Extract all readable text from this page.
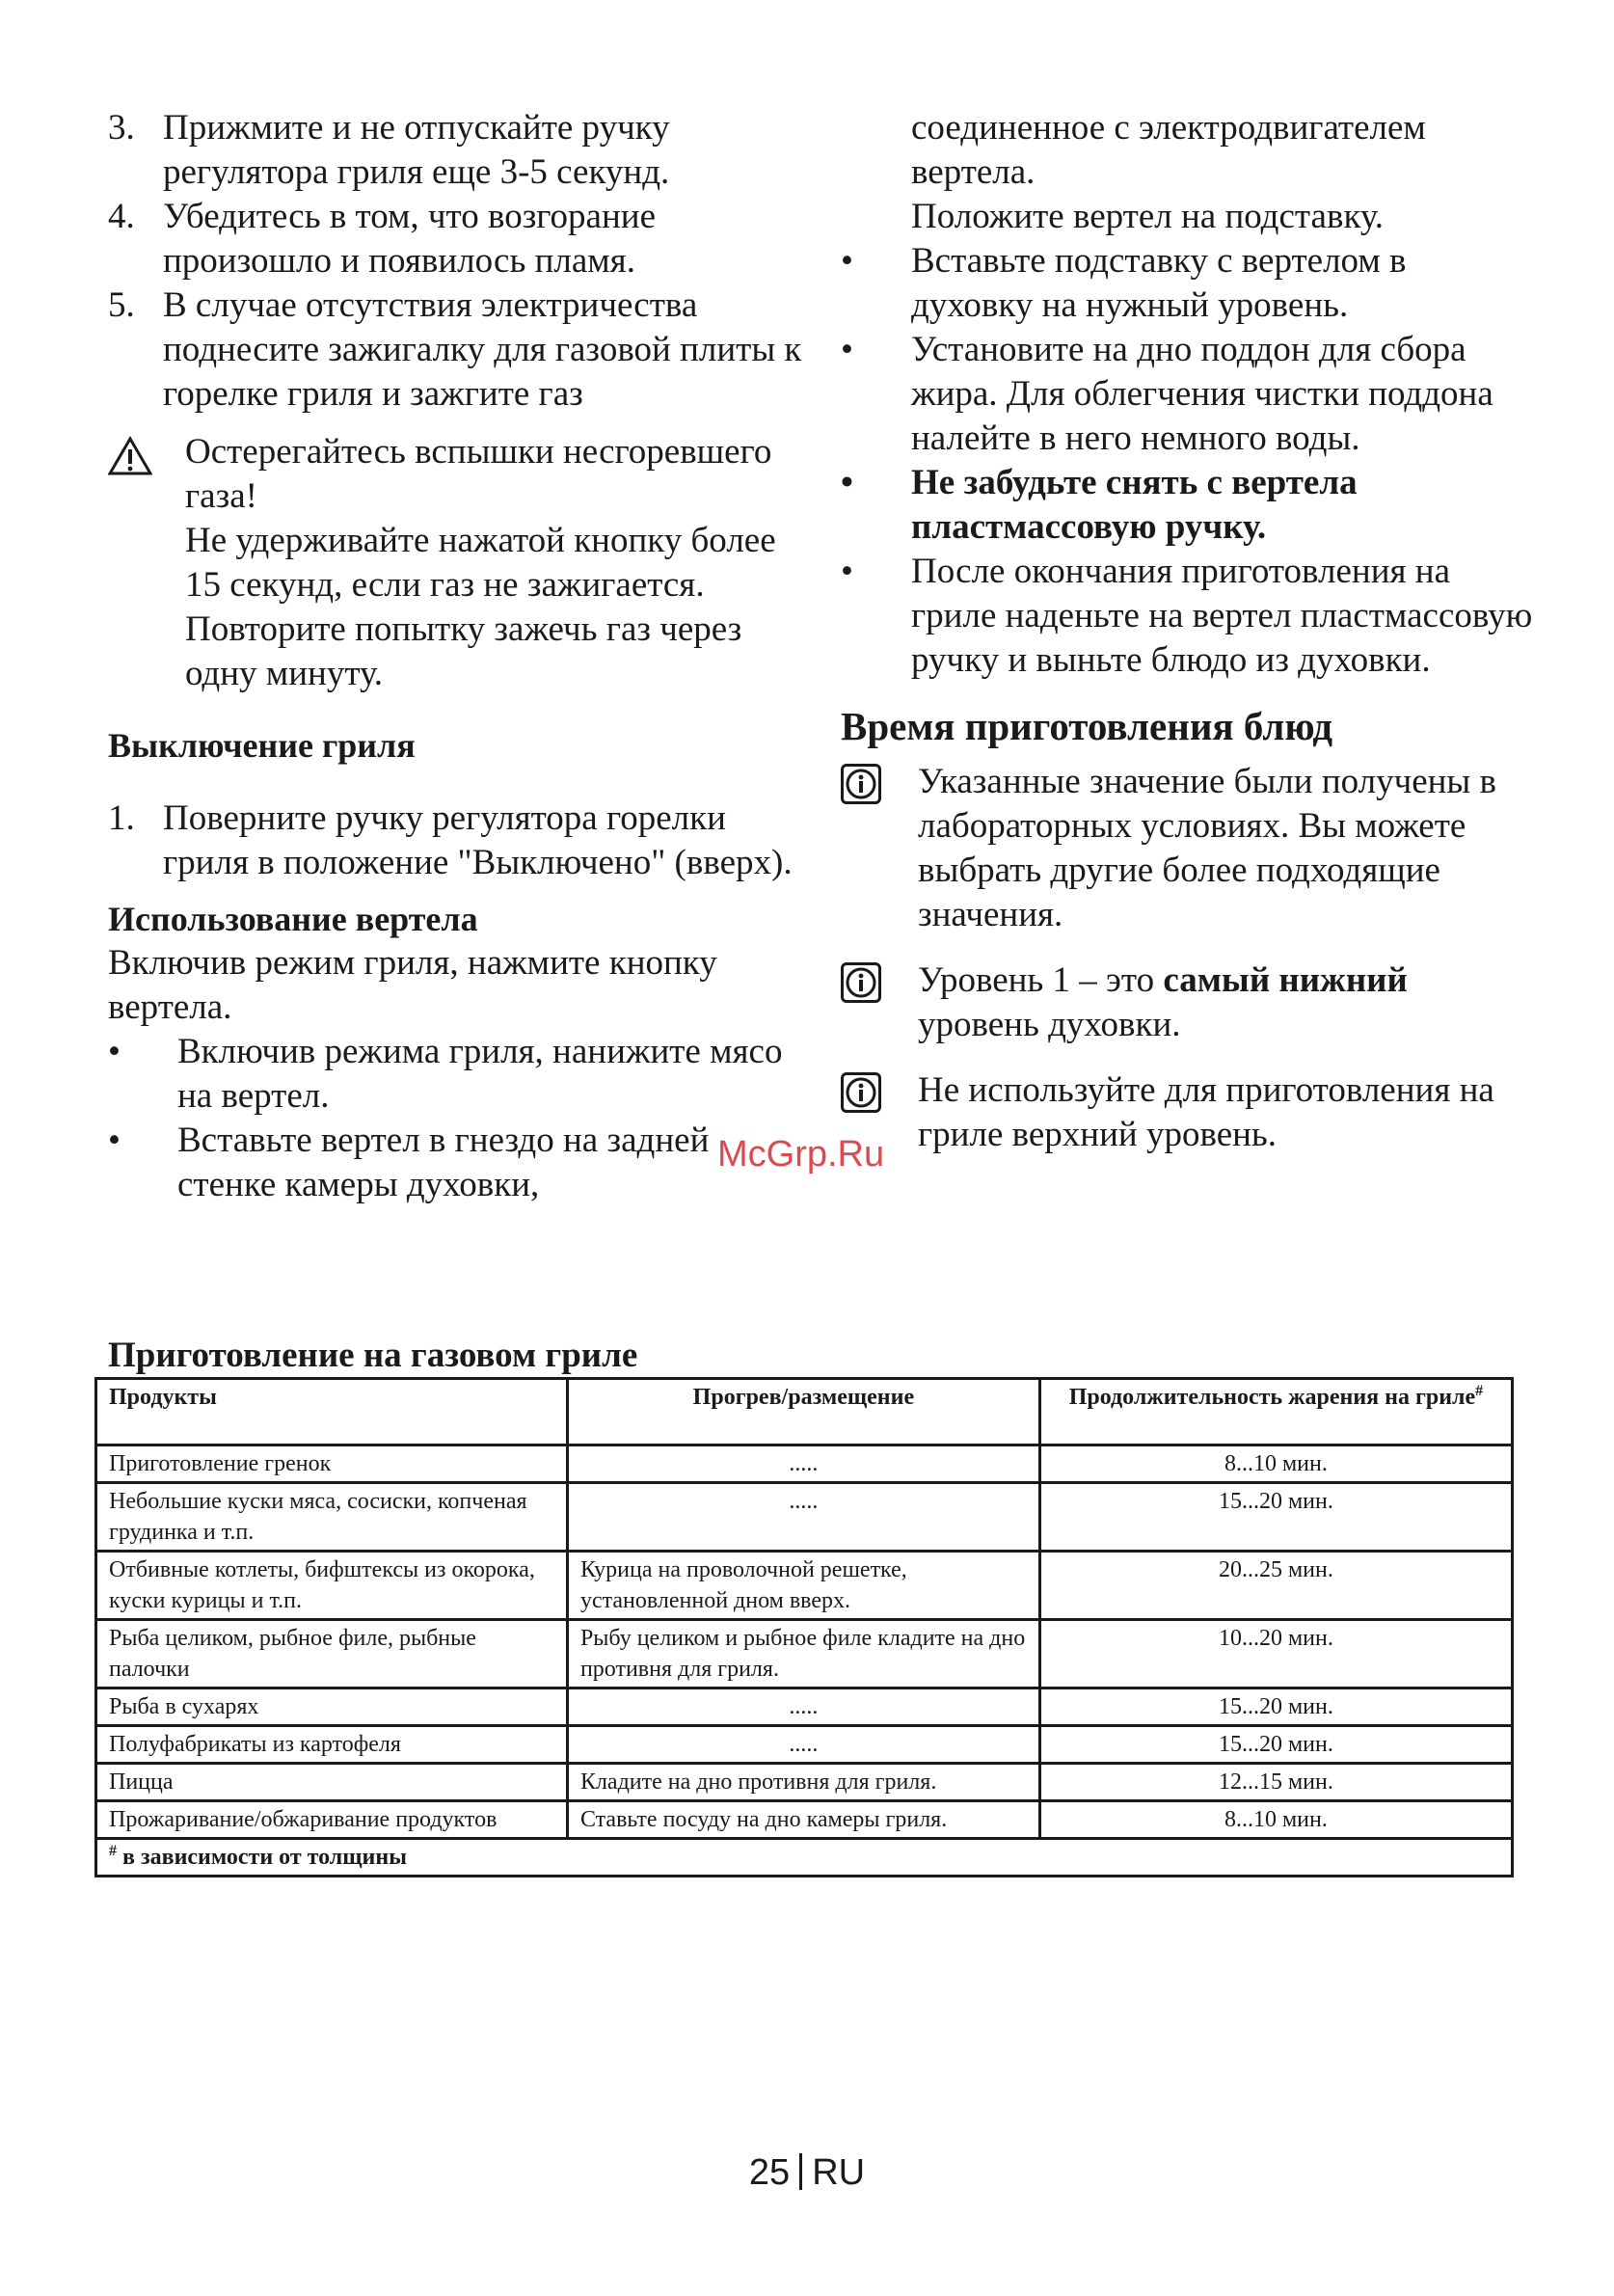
3. Прижмите и не отпускайте ручку регулятора гриля еще 3-5 секунд.

4. Убедитесь в том, что возгорание произошло и появилось пламя.

5. В случае отсутствия электричества поднесите зажигалку для газовой плиты к горелке гриля и зажгите газ

Остерегайтесь вспышки несгоревшего газа!

Не удерживайте нажатой кнопку более 15 секунд, если газ не зажигается.

Повторите попытку зажечь газ через одну минуту.

Выключение гриля

1. Поверните ручку регулятора горелки гриля в положение "Выключено" (вверх).

Использование вертела

Включив режим гриля, нажмите кнопку вертела.

• Включив режима гриля, нанижите мясо на вертел.

• Вставьте вертел в гнездо на задней стенке камеры духовки,

соединенное с электродвигателем вертела.

Положите вертел на подставку.

• Вставьте подставку с вертелом в духовку на нужный уровень.

• Установите на дно поддон для сбора жира. Для облегчения чистки поддона налейте в него немного воды.

• Не забудьте снять с вертела пластмассовую ручку.

• После окончания приготовления на гриле наденьте на вертел пластмассовую ручку и выньте блюдо из духовки.

Время приготовления блюд

Указанные значение были получены в лабораторных условиях. Вы можете выбрать другие более подходящие значения.

Уровень 1 – это самый нижний уровень духовки.

Не используйте для приготовления на гриле верхний уровень.

Приготовление на газовом гриле

Продукты	Прогрев/размещение	Продолжительность жарения на гриле#
Приготовление гренок	.....	8...10 мин.
Небольшие куски мяса, сосиски, копченая грудинка и т.п.	.....	15...20 мин.
Отбивные котлеты, бифштексы из окорока, куски курицы и т.п.	Курица на проволочной решетке, установленной дном вверх.	20...25 мин.
Рыба целиком, рыбное филе, рыбные палочки	Рыбу целиком и рыбное филе кладите на дно противня для гриля.	10...20 мин.
Рыба в сухарях	.....	15...20 мин.
Полуфабрикаты из картофеля	.....	15...20 мин.
Пицца	Кладите на дно противня для гриля.	12...15 мин.
Прожаривание/обжаривание продуктов	Ставьте посуду на дно камеры гриля.	8...10 мин.
# в зависимости от толщины		
McGrp.Ru
25 RU
